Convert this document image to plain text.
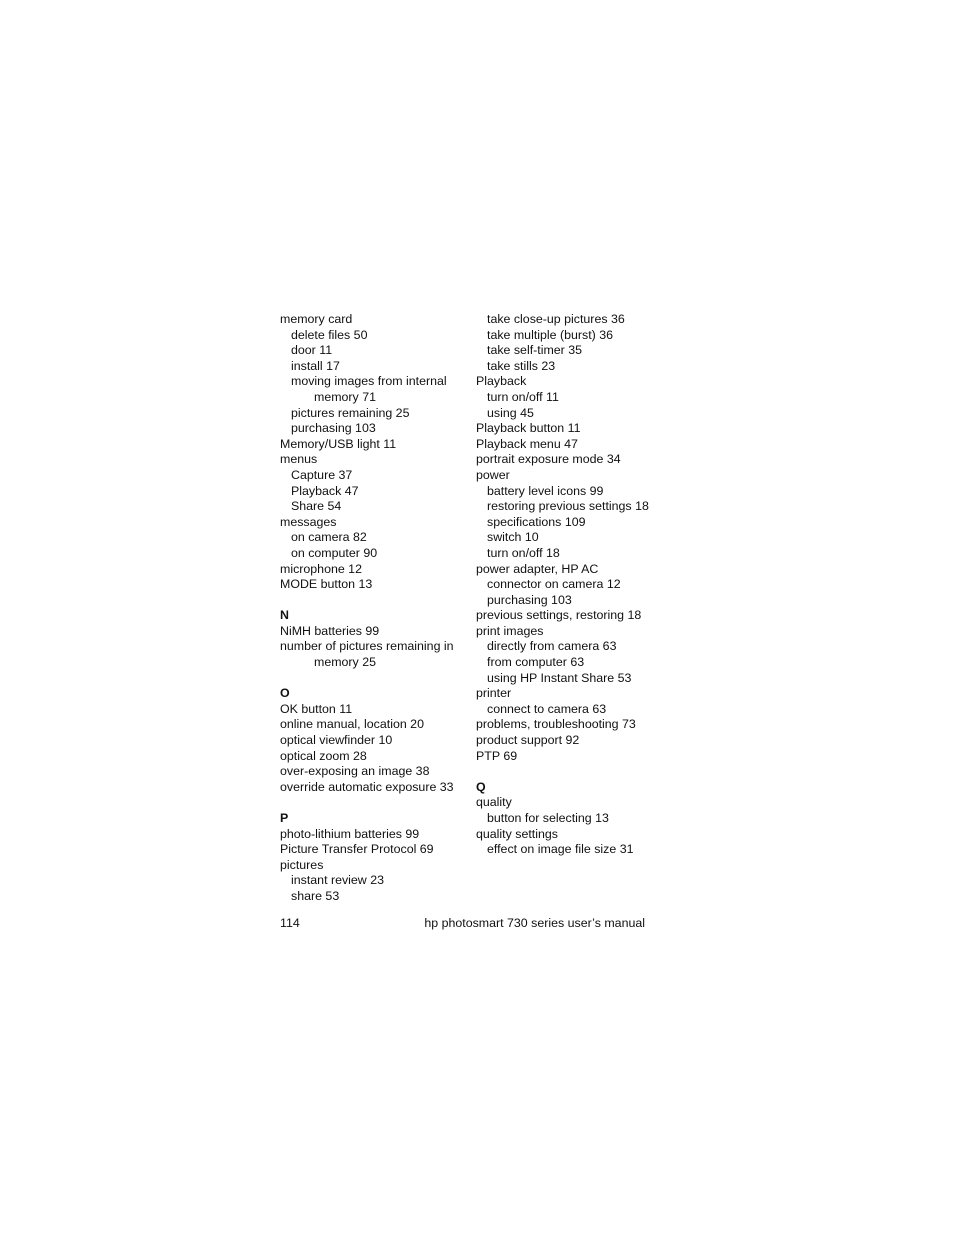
memory card
delete files 50
door 11
install 17
moving images from internal
memory 71
pictures remaining 25
purchasing 103
Memory/USB light 11
menus
Capture 37
Playback 47
Share 54
messages
on camera 82
on computer 90
microphone 12
MODE button 13
N
NiMH batteries 99
number of pictures remaining in
memory 25
O
OK button 11
online manual, location 20
optical viewfinder 10
optical zoom 28
over-exposing an image 38
override automatic exposure 33
P
photo-lithium batteries 99
Picture Transfer Protocol 69
pictures
instant review 23
share 53
take close-up pictures 36
take multiple (burst) 36
take self-timer 35
take stills 23
Playback
turn on/off 11
using 45
Playback button 11
Playback menu 47
portrait exposure mode 34
power
battery level icons 99
restoring previous settings 18
specifications 109
switch 10
turn on/off 18
power adapter, HP AC
connector on camera 12
purchasing 103
previous settings, restoring 18
print images
directly from camera 63
from computer 63
using HP Instant Share 53
printer
connect to camera 63
problems, troubleshooting 73
product support 92
PTP 69
Q
quality
button for selecting 13
quality settings
effect on image file size 31
114	hp photosmart 730 series user’s manual
